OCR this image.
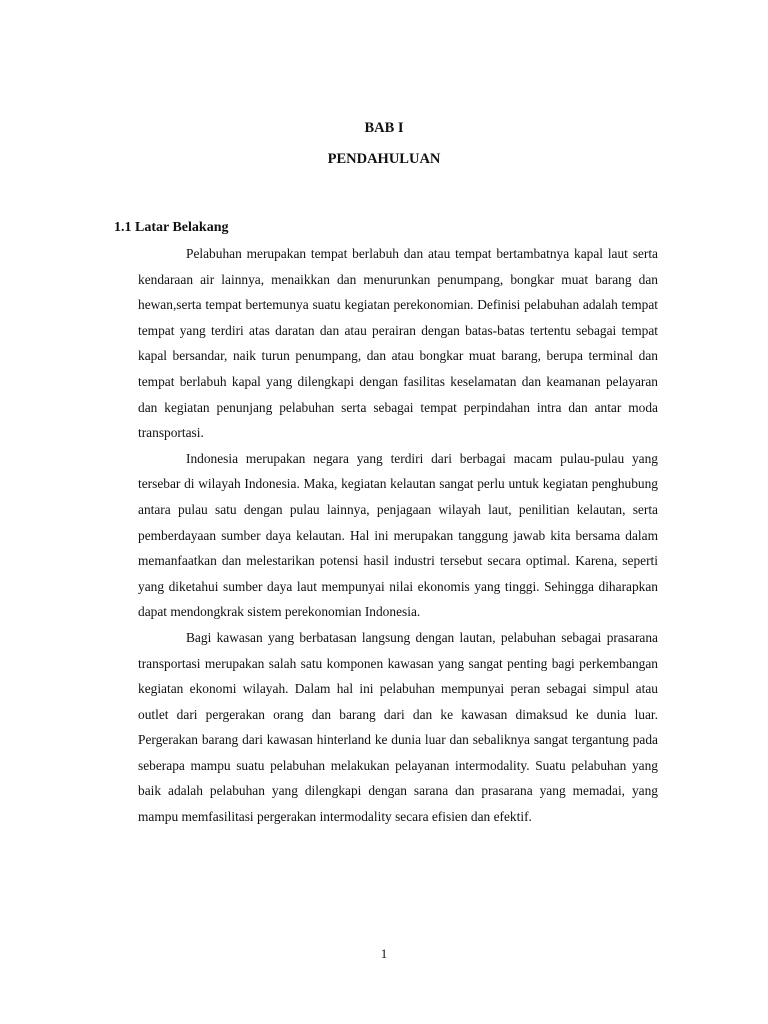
BAB I
PENDAHULUAN
1.1 Latar Belakang

Pelabuhan merupakan tempat berlabuh dan atau tempat bertambatnya kapal laut serta kendaraan air lainnya, menaikkan dan menurunkan penumpang, bongkar muat barang dan hewan,serta tempat bertemunya suatu kegiatan perekonomian. Definisi pelabuhan adalah tempat tempat yang terdiri atas daratan dan atau perairan dengan batas-batas tertentu sebagai tempat kapal bersandar, naik turun penumpang, dan atau bongkar muat barang, berupa terminal dan tempat berlabuh kapal yang dilengkapi dengan fasilitas keselamatan dan keamanan pelayaran dan kegiatan penunjang pelabuhan serta sebagai tempat perpindahan intra dan antar moda transportasi.

Indonesia merupakan negara yang terdiri dari berbagai macam pulau-pulau yang tersebar di wilayah Indonesia. Maka, kegiatan kelautan sangat perlu untuk kegiatan penghubung antara pulau satu dengan pulau lainnya, penjagaan wilayah laut, penilitian kelautan, serta pemberdayaan sumber daya kelautan. Hal ini merupakan tanggung jawab kita bersama dalam memanfaatkan dan melestarikan potensi hasil industri tersebut secara optimal. Karena, seperti yang diketahui sumber daya laut mempunyai nilai ekonomis yang tinggi. Sehingga diharapkan dapat mendongkrak sistem perekonomian Indonesia.

Bagi kawasan yang berbatasan langsung dengan lautan, pelabuhan sebagai prasarana transportasi merupakan salah satu komponen kawasan yang sangat penting bagi perkembangan kegiatan ekonomi wilayah. Dalam hal ini pelabuhan mempunyai peran sebagai simpul atau outlet dari pergerakan orang dan barang dari dan ke kawasan dimaksud ke dunia luar. Pergerakan barang dari kawasan hinterland ke dunia luar dan sebaliknya sangat tergantung pada seberapa mampu suatu pelabuhan melakukan pelayanan intermodality. Suatu pelabuhan yang baik adalah pelabuhan yang dilengkapi dengan sarana dan prasarana yang memadai, yang mampu memfasilitasi pergerakan intermodality secara efisien dan efektif.

1
